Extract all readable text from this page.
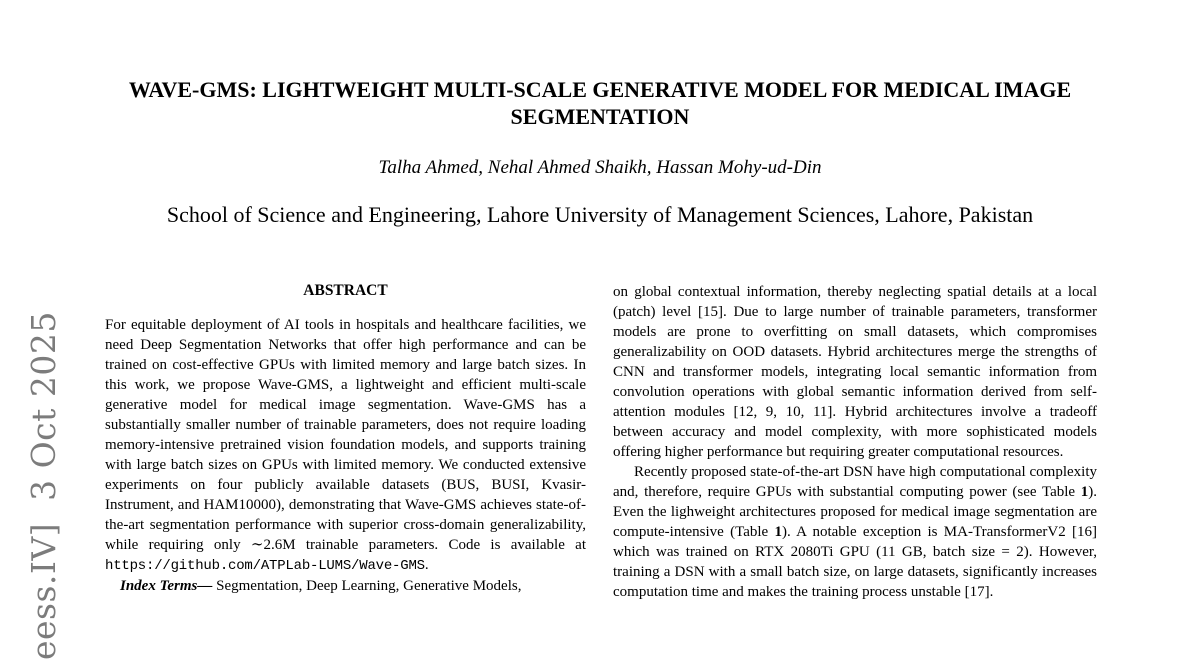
eess.IV]  3 Oct 2025
WAVE-GMS: LIGHTWEIGHT MULTI-SCALE GENERATIVE MODEL FOR MEDICAL IMAGE
SEGMENTATION
Talha Ahmed, Nehal Ahmed Shaikh, Hassan Mohy-ud-Din
School of Science and Engineering, Lahore University of Management Sciences, Lahore, Pakistan
ABSTRACT

For equitable deployment of AI tools in hospitals and healthcare facilities, we need Deep Segmentation Networks that offer high performance and can be trained on cost-effective GPUs with limited memory and large batch sizes. In this work, we propose Wave-GMS, a lightweight and efficient multi-scale generative model for medical image segmentation. Wave-GMS has a substantially smaller number of trainable parameters, does not require loading memory-intensive pretrained vision foundation models, and supports training with large batch sizes on GPUs with limited memory. We conducted extensive experiments on four publicly available datasets (BUS, BUSI, Kvasir-Instrument, and HAM10000), demonstrating that Wave-GMS achieves state-of-the-art segmentation performance with superior cross-domain generalizability, while requiring only ∼2.6M trainable parameters. Code is available at https://github.com/ATPLab-LUMS/Wave-GMS.

Index Terms— Segmentation, Deep Learning, Generative Models,

on global contextual information, thereby neglecting spatial details at a local (patch) level [15]. Due to large number of trainable parameters, transformer models are prone to overfitting on small datasets, which compromises generalizability on OOD datasets. Hybrid architectures merge the strengths of CNN and transformer models, integrating local semantic information from convolution operations with global semantic information derived from self-attention modules [12, 9, 10, 11]. Hybrid architectures involve a tradeoff between accuracy and model complexity, with more sophisticated models offering higher performance but requiring greater computational resources.

Recently proposed state-of-the-art DSN have high computational complexity and, therefore, require GPUs with substantial computing power (see Table 1). Even the lighweight architectures proposed for medical image segmentation are compute-intensive (Table 1). A notable exception is MA-TransformerV2 [16] which was trained on RTX 2080Ti GPU (11 GB, batch size = 2). However, training a DSN with a small batch size, on large datasets, significantly increases computation time and makes the training process unstable [17].
